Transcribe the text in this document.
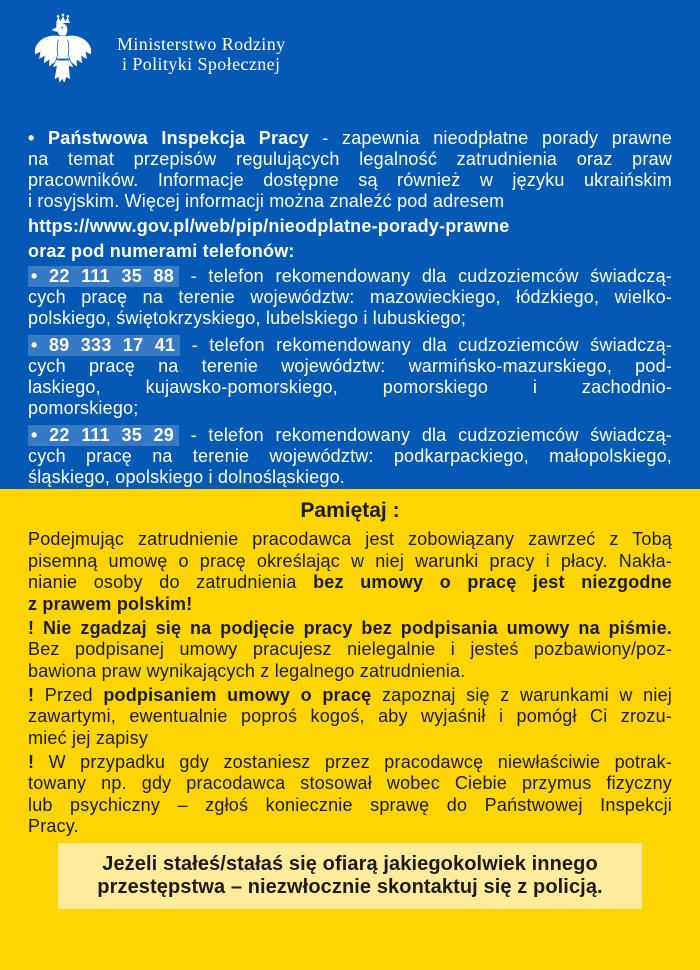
Ministerstwo Rodziny
i Polityki Społecznej
• Państwowa Inspekcja Pracy - zapewnia nieodpłatne porady prawne
na temat przepisów regulujących legalność zatrudnienia oraz praw
pracowników. Informacje dostępne są również w języku ukraińskim
i rosyjskim. Więcej informacji można znaleźć pod adresem
https://www.gov.pl/web/pip/nieodplatne-porady-prawne
oraz pod numerami telefonów:
• 22 111 35 88 - telefon rekomendowany dla cudzoziemców świadczą-
cych pracę na terenie województw: mazowieckiego, łódzkiego, wielko-
polskiego, świętokrzyskiego, lubelskiego i lubuskiego;
• 89 333 17 41 - telefon rekomendowany dla cudzoziemców świadczą-
cych pracę na terenie województw: warmińsko-mazurskiego, pod-
laskiego, kujawsko-pomorskiego, pomorskiego i zachodnio-
pomorskiego;
• 22 111 35 29 - telefon rekomendowany dla cudzoziemców świadczą-
cych pracę na terenie województw: podkarpackiego, małopolskiego,
śląskiego, opolskiego i dolnośląskiego.
Pamiętaj :
Podejmując zatrudnienie pracodawca jest zobowiązany zawrzeć z Tobą
pisemną umowę o pracę określając w niej warunki pracy i płacy. Nakła-
nianie osoby do zatrudnienia bez umowy o pracę jest niezgodne
z prawem polskim!
! Nie zgadzaj się na podjęcie pracy bez podpisania umowy na piśmie.
Bez podpisanej umowy pracujesz nielegalnie i jesteś pozbawiony/poz-
bawiona praw wynikających z legalnego zatrudnienia.
! Przed podpisaniem umowy o pracę zapoznaj się z warunkami w niej
zawartymi, ewentualnie poproś kogoś, aby wyjaśnił i pomógł Ci zrozu-
mieć jej zapisy
! W przypadku gdy zostaniesz przez pracodawcę niewłaściwie potrak-
towany np. gdy pracodawca stosował wobec Ciebie przymus fizyczny
lub psychiczny – zgłoś koniecznie sprawę do Państwowej Inspekcji
Pracy.
Jeżeli stałeś/stałaś się ofiarą jakiegokolwiek innego
przestępstwa – niezwłocznie skontaktuj się z policją.
